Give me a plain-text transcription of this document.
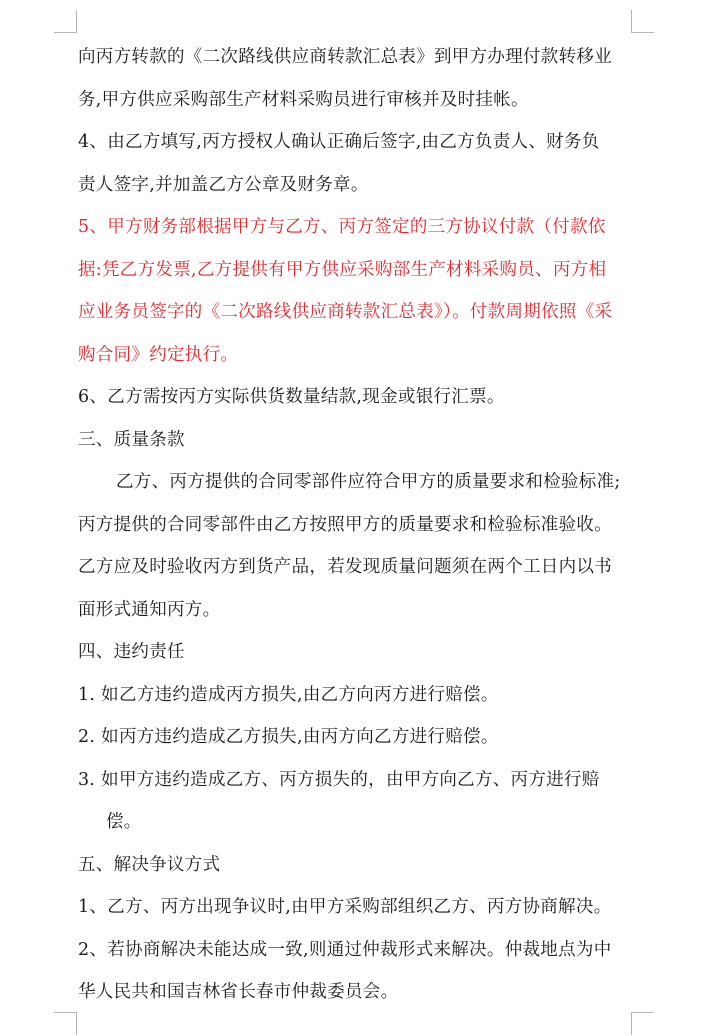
向丙方转款的《二次路线供应商转款汇总表》到甲方办理付款转移业
务,甲方供应采购部生产材料采购员进行审核并及时挂帐。
4、由乙方填写,丙方授权人确认正确后签字,由乙方负责人、财务负
责人签字,并加盖乙方公章及财务章。
5、甲方财务部根据甲方与乙方、丙方签定的三方协议付款（付款依
据:凭乙方发票,乙方提供有甲方供应采购部生产材料采购员、丙方相
应业务员签字的《二次路线供应商转款汇总表》）。付款周期依照《采
购合同》约定执行。
6、乙方需按丙方实际供货数量结款,现金或银行汇票。
三、质量条款
乙方、丙方提供的合同零部件应符合甲方的质量要求和检验标准;
丙方提供的合同零部件由乙方按照甲方的质量要求和检验标准验收。
乙方应及时验收丙方到货产品，若发现质量问题须在两个工日内以书
面形式通知丙方。
四、违约责任
1. 如乙方违约造成丙方损失,由乙方向丙方进行赔偿。
2. 如丙方违约造成乙方损失,由丙方向乙方进行赔偿。
3. 如甲方违约造成乙方、丙方损失的，由甲方向乙方、丙方进行赔
偿。
五、解决争议方式
1、乙方、丙方出现争议时,由甲方采购部组织乙方、丙方协商解决。
2、若协商解决未能达成一致,则通过仲裁形式来解决。仲裁地点为中
华人民共和国吉林省长春市仲裁委员会。
